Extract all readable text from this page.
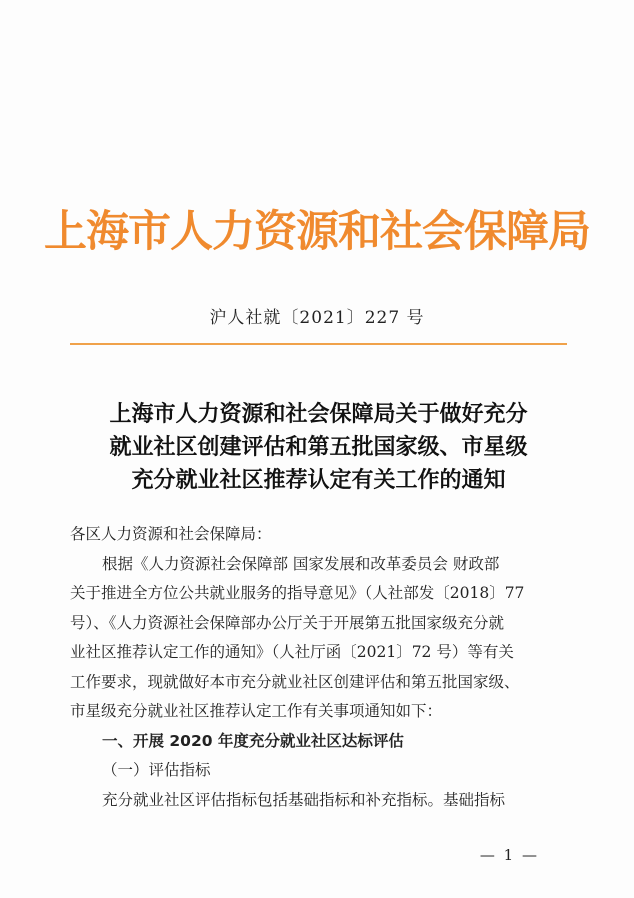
上海市人力资源和社会保障局
沪人社就〔2021〕227 号
上海市人力资源和社会保障局关于做好充分
就业社区创建评估和第五批国家级、市星级
充分就业社区推荐认定有关工作的通知
各区人力资源和社会保障局：
根据《人力资源社会保障部 国家发展和改革委员会 财政部
关于推进全方位公共就业服务的指导意见》（人社部发〔2018〕77
号）、《人力资源社会保障部办公厅关于开展第五批国家级充分就
业社区推荐认定工作的通知》（人社厅函〔2021〕72 号）等有关
工作要求，现就做好本市充分就业社区创建评估和第五批国家级、
市星级充分就业社区推荐认定工作有关事项通知如下：
一、开展 2020 年度充分就业社区达标评估
（一）评估指标
充分就业社区评估指标包括基础指标和补充指标。基础指标
— 1 —
